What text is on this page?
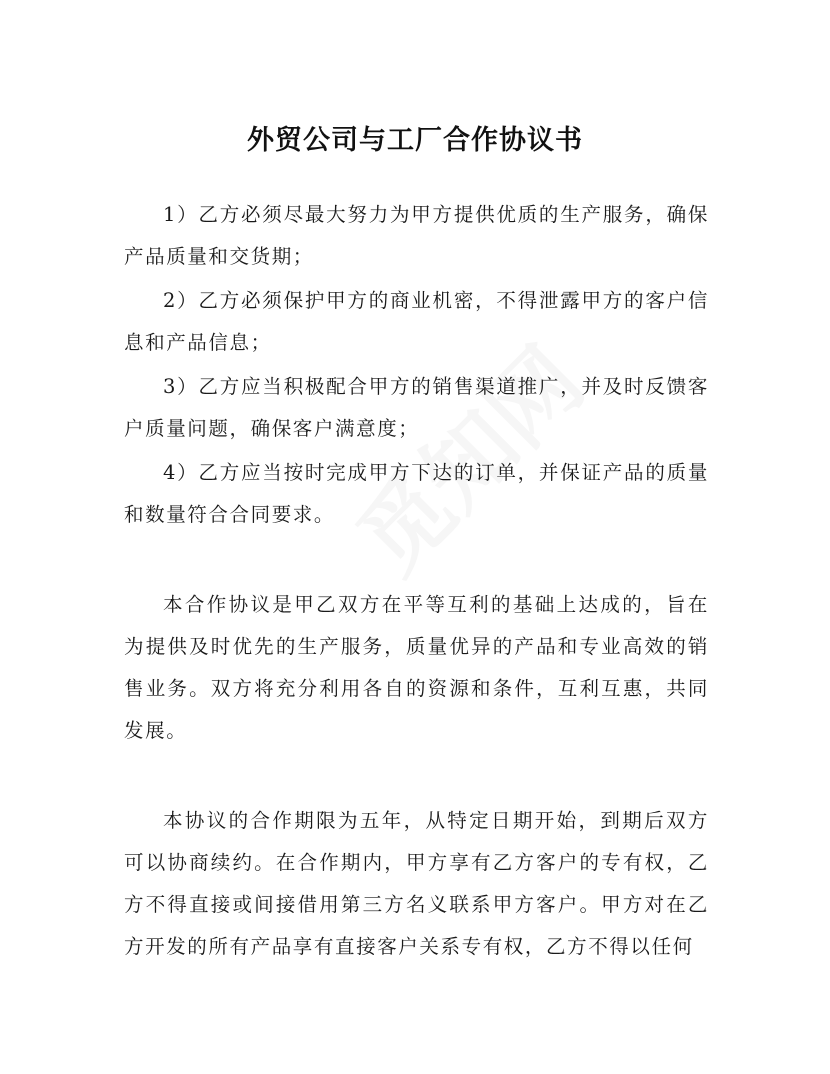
外贸公司与工厂合作协议书

1）乙方必须尽最大努力为甲方提供优质的生产服务，确保产品质量和交货期；

2）乙方必须保护甲方的商业机密，不得泄露甲方的客户信息和产品信息；

3）乙方应当积极配合甲方的销售渠道推广，并及时反馈客户质量问题，确保客户满意度；

4）乙方应当按时完成甲方下达的订单，并保证产品的质量和数量符合合同要求。

本合作协议是甲乙双方在平等互利的基础上达成的，旨在为提供及时优先的生产服务，质量优异的产品和专业高效的销售业务。双方将充分利用各自的资源和条件，互利互惠，共同发展。

本协议的合作期限为五年，从特定日期开始，到期后双方可以协商续约。在合作期内，甲方享有乙方客户的专有权，乙方不得直接或间接借用第三方名义联系甲方客户。甲方对在乙方开发的所有产品享有直接客户关系专有权，乙方不得以任何
